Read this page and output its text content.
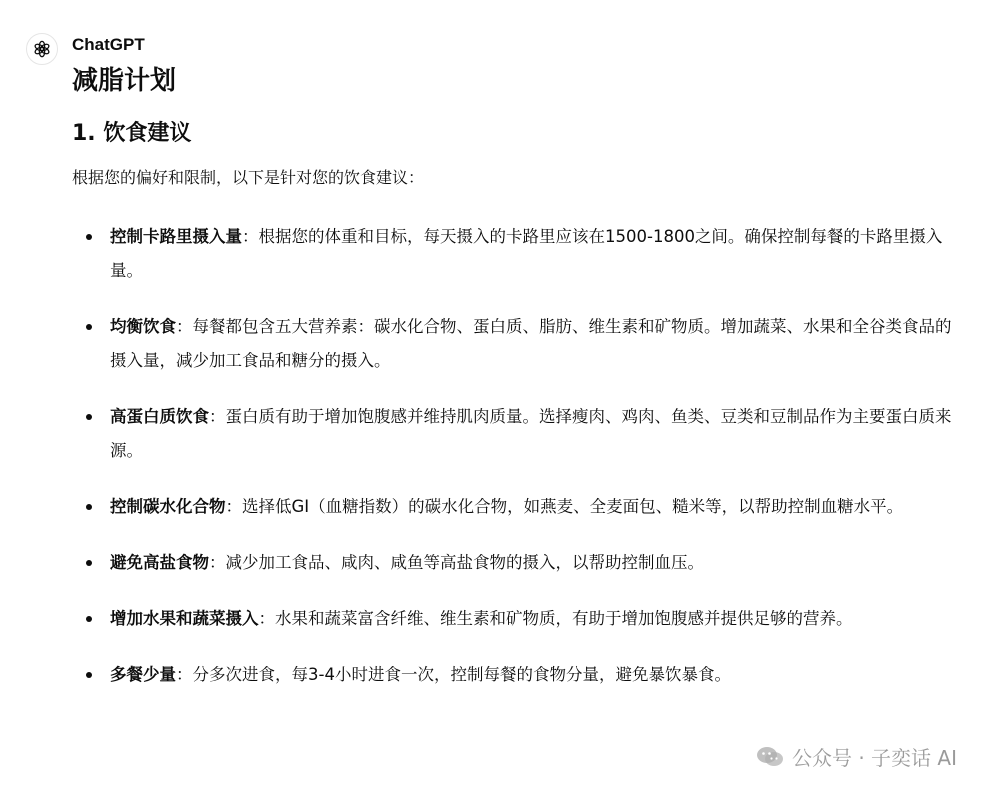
ChatGPT
减脂计划
1. 饮食建议

根据您的偏好和限制，以下是针对您的饮食建议：

控制卡路里摄入量：根据您的体重和目标，每天摄入的卡路里应该在1500-1800之间。确保控制每餐的卡路里摄入量。
均衡饮食：每餐都包含五大营养素：碳水化合物、蛋白质、脂肪、维生素和矿物质。增加蔬菜、水果和全谷类食品的摄入量，减少加工食品和糖分的摄入。
高蛋白质饮食：蛋白质有助于增加饱腹感并维持肌肉质量。选择瘦肉、鸡肉、鱼类、豆类和豆制品作为主要蛋白质来源。
控制碳水化合物：选择低GI（血糖指数）的碳水化合物，如燕麦、全麦面包、糙米等，以帮助控制血糖水平。
避免高盐食物：减少加工食品、咸肉、咸鱼等高盐食物的摄入，以帮助控制血压。
增加水果和蔬菜摄入：水果和蔬菜富含纤维、维生素和矿物质，有助于增加饱腹感并提供足够的营养。
多餐少量：分多次进食，每3-4小时进食一次，控制每餐的食物分量，避免暴饮暴食。
公众号 · 子奕话 AI
